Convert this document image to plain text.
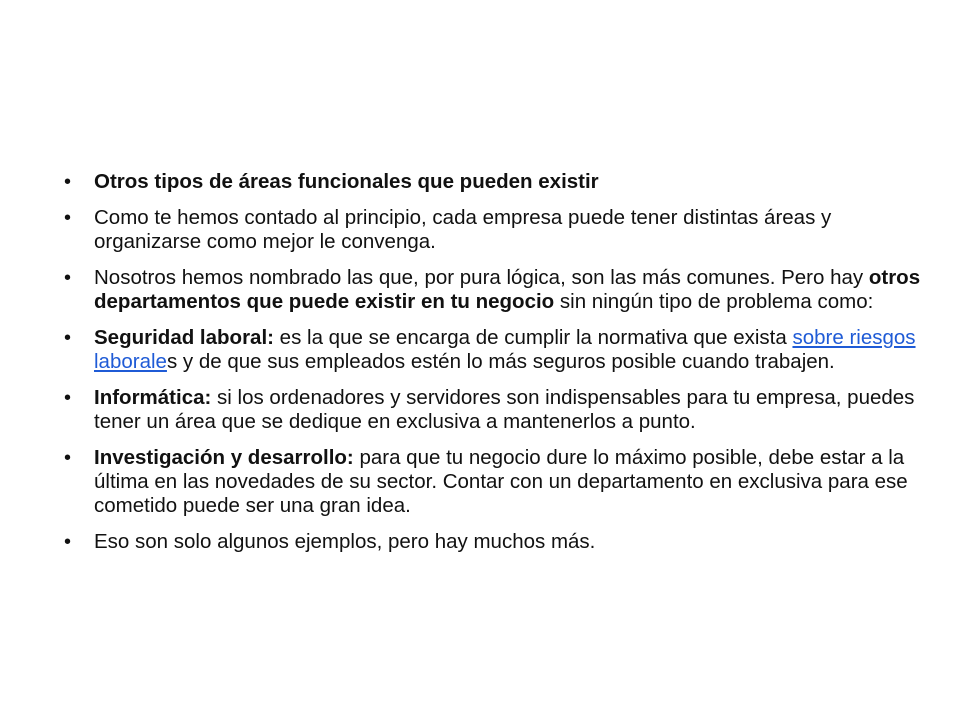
•	Otros tipos de áreas funcionales que pueden existir
•	Como te hemos contado al principio, cada empresa puede tener distintas áreas y organizarse como mejor le convenga.
•	Nosotros hemos nombrado las que, por pura lógica, son las más comunes. Pero hay otros departamentos que puede existir en tu negocio sin ningún tipo de problema como:
•	Seguridad laboral: es la que se encarga de cumplir la normativa que exista sobre riesgos laborales y de que sus empleados estén lo más seguros posible cuando trabajen.
•	Informática: si los ordenadores y servidores son indispensables para tu empresa, puedes tener un área que se dedique en exclusiva a mantenerlos a punto.
•	Investigación y desarrollo: para que tu negocio dure lo máximo posible, debe estar a la última en las novedades de su sector. Contar con un departamento en exclusiva para ese cometido puede ser una gran idea.
•	Eso son solo algunos ejemplos, pero hay muchos más.
